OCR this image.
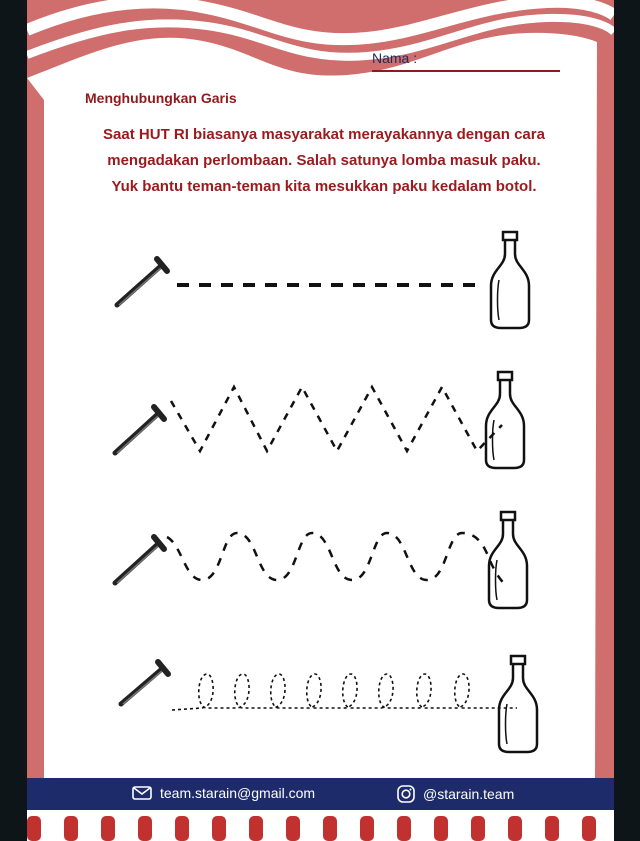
Nama :
Menghubungkan Garis
Saat HUT RI biasanya masyarakat merayakannya dengan cara
mengadakan perlombaan. Salah satunya lomba masuk paku.
Yuk bantu teman-teman kita mesukkan paku kedalam botol.
team.starain@gmail.com	@starain.team
